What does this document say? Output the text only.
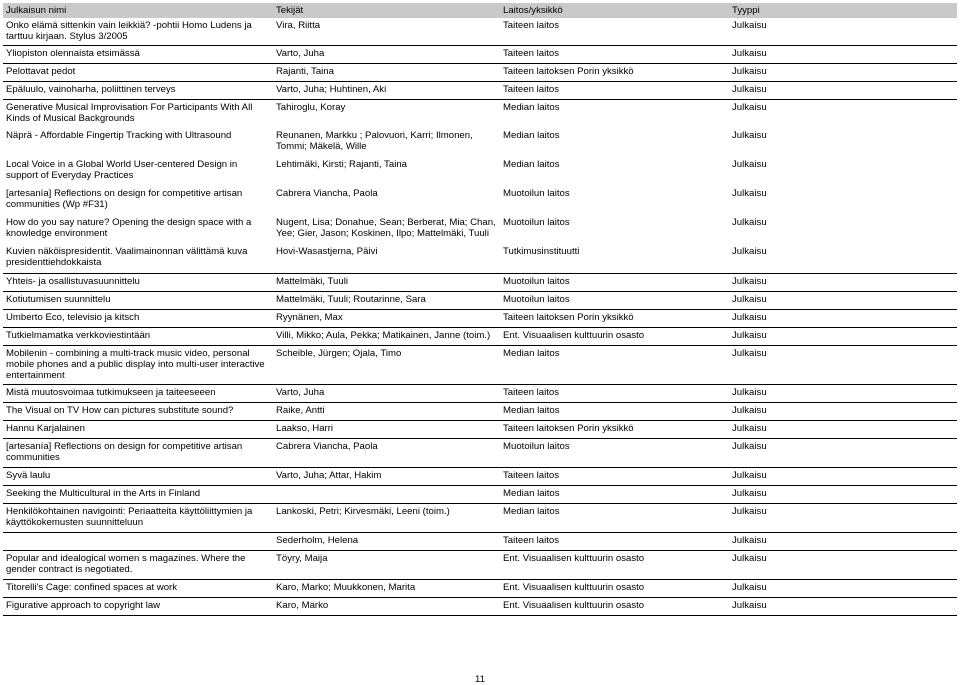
Julkaisun nimi	Tekijät	Laitos/yksikkö	Tyyppi
Onko elämä sittenkin vain leikkiä? -pohtii Homo Ludens ja tarttuu kirjaan. Stylus 3/2005	Vira, Riitta	Taiteen laitos	Julkaisu
Yliopiston olennaista etsimässä	Varto, Juha	Taiteen laitos	Julkaisu
Pelottavat pedot	Rajanti, Taina	Taiteen laitoksen Porin yksikkö	Julkaisu
Epäluulo, vainoharha, poliittinen terveys	Varto, Juha; Huhtinen, Aki	Taiteen laitos	Julkaisu
Generative Musical Improvisation For Participants With All Kinds of Musical Backgrounds	Tahiroglu, Koray	Median laitos	Julkaisu
Näprä - Affordable Fingertip Tracking with Ultrasound	Reunanen, Markku ; Palovuori, Karri; Ilmonen, Tommi; Mäkelä, Wille	Median laitos	Julkaisu
Local Voice in a Global World User-centered Design in support of Everyday Practices	Lehtimäki, Kirsti; Rajanti, Taina	Median laitos	Julkaisu
[artesanía] Reflections on design for competitive artisan communities (Wp #F31)	Cabrera Viancha, Paola	Muotoilun laitos	Julkaisu
How do you say nature? Opening the design space with a knowledge environment	Nugent, Lisa; Donahue, Sean; Berberat, Mia; Chan, Yee; Gier, Jason; Koskinen, Ilpo; Mattelmäki, Tuuli	Muotoilun laitos	Julkaisu
Kuvien näköispresidentit. Vaalimainonnan välittämä kuva presidenttiehdokkaista	Hovi-Wasastjerna, Päivi	Tutkimusinstituutti	Julkaisu
Yhteis- ja osallistuvasuunnittelu	Mattelmäki, Tuuli	Muotoilun laitos	Julkaisu
Kotiutumisen suunnittelu	Mattelmäki, Tuuli; Routarinne, Sara	Muotoilun laitos	Julkaisu
Umberto Eco, televisio ja kitsch	Ryynänen, Max	Taiteen laitoksen Porin yksikkö	Julkaisu
Tutkielmamatka verkkoviestintään	Villi, Mikko; Aula, Pekka; Matikainen, Janne (toim.)	Ent. Visuaalisen kulttuurin osasto	Julkaisu
Mobilenin - combining a multi-track music video, personal mobile phones and a public display into multi-user interactive entertainment	Scheible, Jürgen; Ojala, Timo	Median laitos	Julkaisu
Mistä muutosvoimaa tutkimukseen ja taiteeseeen	Varto, Juha	Taiteen laitos	Julkaisu
The Visual on TV How can pictures substitute sound?	Raike, Antti	Median laitos	Julkaisu
Hannu Karjalainen	Laakso, Harri	Taiteen laitoksen Porin yksikkö	Julkaisu
[artesanía] Reflections on design for competitive artisan communities	Cabrera Viancha, Paola	Muotoilun laitos	Julkaisu
Syvä laulu	Varto, Juha; Attar, Hakim	Taiteen laitos	Julkaisu
Seeking the Multicultural in the Arts in Finland		Median laitos	Julkaisu
Henkilökohtainen navigointi: Periaatteita käyttöliittymien ja käyttökokemusten suunnitteluun	Lankoski, Petri; Kirvesmäki, Leeni (toim.)	Median laitos	Julkaisu
	Sederholm, Helena	Taiteen laitos	Julkaisu
Popular and idealogical women s magazines. Where the gender contract is negotiated.	Töyry, Maija	Ent. Visuaalisen kulttuurin osasto	Julkaisu
Titorelli's Cage: confined spaces at work	Karo, Marko; Muukkonen, Marita	Ent. Visuaalisen kulttuurin osasto	Julkaisu
Figurative approach to copyright law	Karo, Marko	Ent. Visuaalisen kulttuurin osasto	Julkaisu
11
